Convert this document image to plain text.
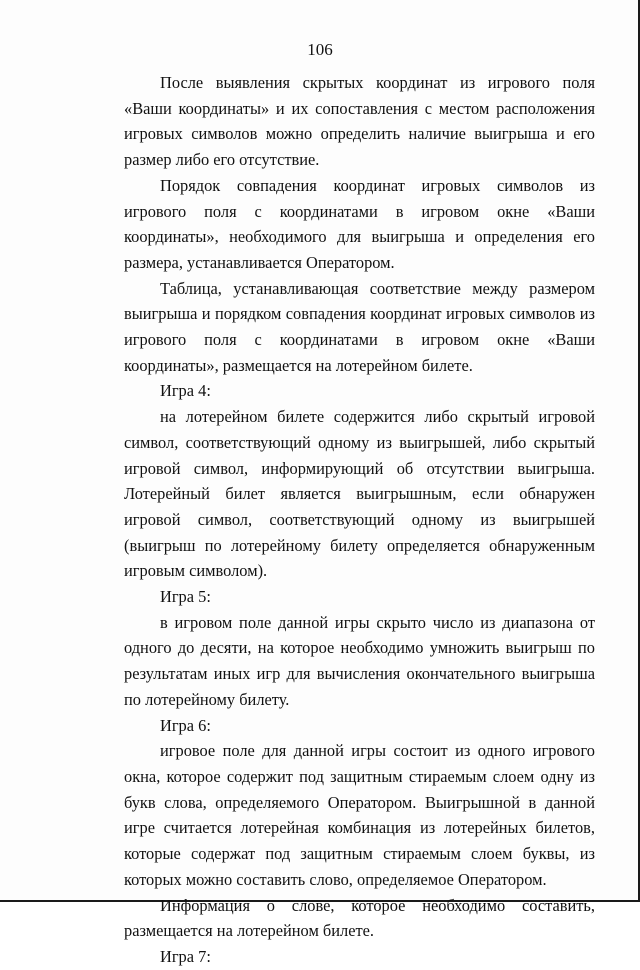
106

После выявления скрытых координат из игрового поля «Ваши координаты» и их сопоставления с местом расположения игровых символов можно определить наличие выигрыша и его размер либо его отсутствие.

Порядок совпадения координат игровых символов из игрового поля с координатами в игровом окне «Ваши координаты», необходимого для выигрыша и определения его размера, устанавливается Оператором.

Таблица, устанавливающая соответствие между размером выигрыша и порядком совпадения координат игровых символов из игрового поля с координатами в игровом окне «Ваши координаты», размещается на лотерейном билете.

Игра 4:

на лотерейном билете содержится либо скрытый игровой символ, соответствующий одному из выигрышей, либо скрытый игровой символ, информирующий об отсутствии выигрыша. Лотерейный билет является выигрышным, если обнаружен игровой символ, соответствующий одному из выигрышей (выигрыш по лотерейному билету определяется обнаруженным игровым символом).

Игра 5:

в игровом поле данной игры скрыто число из диапазона от одного до десяти, на которое необходимо умножить выигрыш по результатам иных игр для вычисления окончательного выигрыша по лотерейному билету.

Игра 6:

игровое поле для данной игры состоит из одного игрового окна, которое содержит под защитным стираемым слоем одну из букв слова, определяемого Оператором. Выигрышной в данной игре считается лотерейная комбинация из лотерейных билетов, которые содержат под защитным стираемым слоем буквы, из которых можно составить слово, определяемое Оператором.

Информация о слове, которое необходимо составить, размещается на лотерейном билете.

Игра 7:
